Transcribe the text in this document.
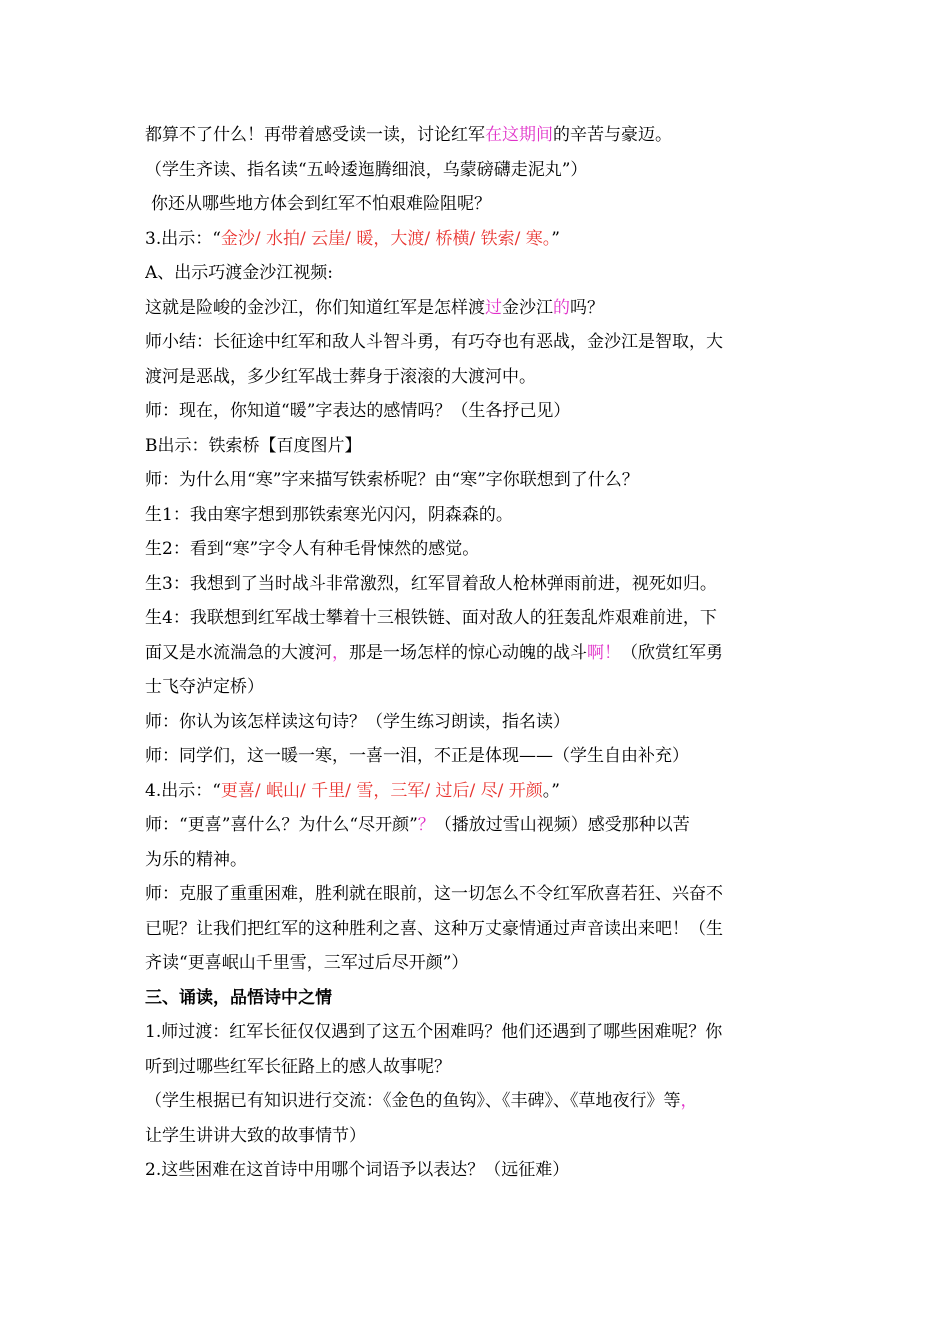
都算不了什么！再带着感受读一读，讨论红军在这期间的辛苦与豪迈。
（学生齐读、指名读“五岭逶迤腾细浪，乌蒙磅礴走泥丸”）
你还从哪些地方体会到红军不怕艰难险阻呢？
3.出示：“金沙/ 水拍/ 云崖/ 暖，大渡/ 桥横/ 铁索/ 寒。”
A、出示巧渡金沙江视频:
这就是险峻的金沙江，你们知道红军是怎样渡过金沙江的吗？
师小结：长征途中红军和敌人斗智斗勇，有巧夺也有恶战，金沙江是智取，大
渡河是恶战，多少红军战士葬身于滚滚的大渡河中。
师：现在，你知道“暖”字表达的感情吗？（生各抒己见）
B出示：铁索桥【百度图片】
师：为什么用“寒”字来描写铁索桥呢？由“寒”字你联想到了什么？
生1：我由寒字想到那铁索寒光闪闪，阴森森的。
生2：看到“寒”字令人有种毛骨悚然的感觉。
生3：我想到了当时战斗非常激烈，红军冒着敌人枪林弹雨前进，视死如归。
生4：我联想到红军战士攀着十三根铁链、面对敌人的狂轰乱炸艰难前进，下
面又是水流湍急的大渡河，那是一场怎样的惊心动魄的战斗啊！（欣赏红军勇
士飞夺泸定桥）
师：你认为该怎样读这句诗？（学生练习朗读，指名读）
师：同学们，这一暖一寒，一喜一泪，不正是体现——（学生自由补充）
4.出示：“更喜/ 岷山/ 千里/ 雪，三军/ 过后/ 尽/ 开颜。”
师：“更喜”喜什么？为什么“尽开颜”？（播放过雪山视频）感受那种以苦
为乐的精神。
师：克服了重重困难，胜利就在眼前，这一切怎么不令红军欣喜若狂、兴奋不
已呢？让我们把红军的这种胜利之喜、这种万丈豪情通过声音读出来吧！（生
齐读“更喜岷山千里雪，三军过后尽开颜”）
三、诵读，品悟诗中之情
1.师过渡：红军长征仅仅遇到了这五个困难吗？他们还遇到了哪些困难呢？你
听到过哪些红军长征路上的感人故事呢？
（学生根据已有知识进行交流：《金色的鱼钩》、《丰碑》、《草地夜行》等，
让学生讲讲大致的故事情节）
2.这些困难在这首诗中用哪个词语予以表达？（远征难）
